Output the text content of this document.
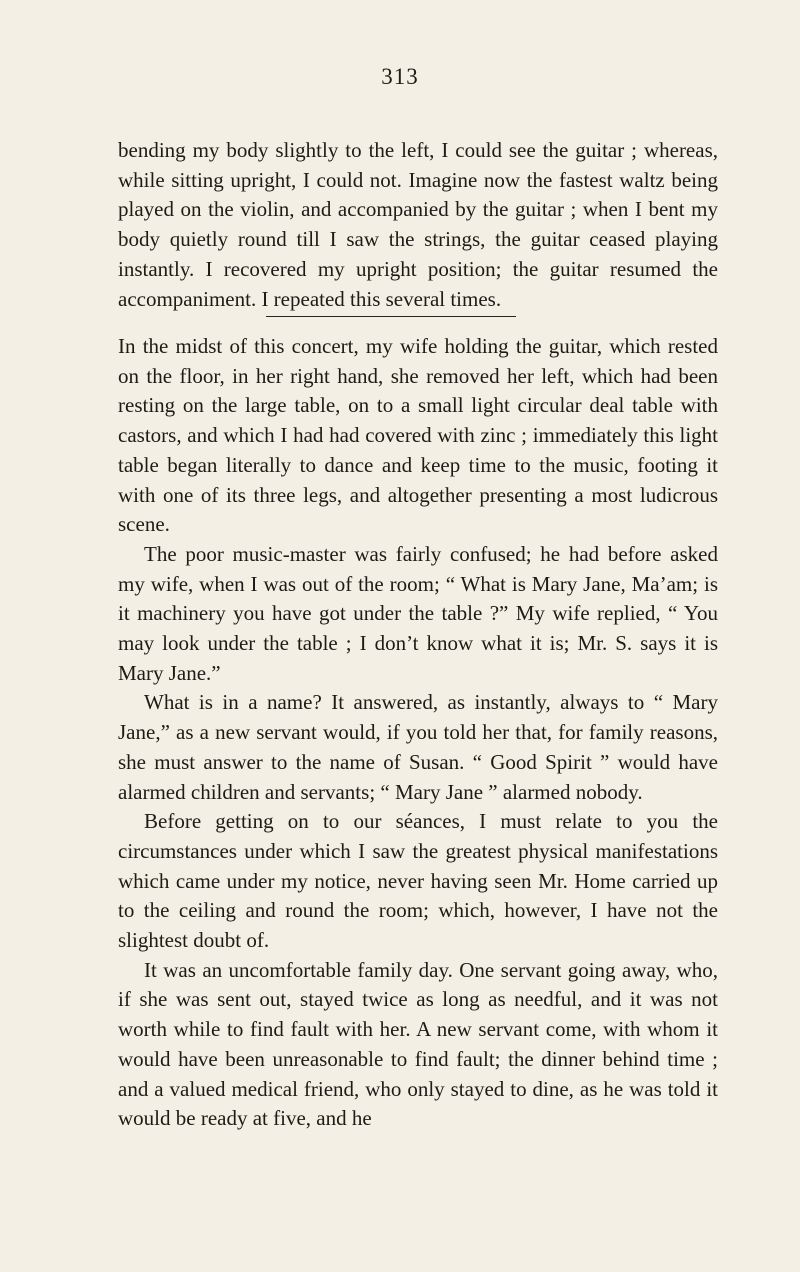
313

bending my body slightly to the left, I could see the guitar ; whereas, while sitting upright, I could not. Imagine now the fastest waltz being played on the violin, and accompanied by the guitar ; when I bent my body quietly round till I saw the strings, the guitar ceased playing instantly. I recovered my upright position; the guitar resumed the accompaniment. I repeated this several times.

In the midst of this concert, my wife holding the guitar, which rested on the floor, in her right hand, she removed her left, which had been resting on the large table, on to a small light circular deal table with castors, and which I had had covered with zinc ; immediately this light table began literally to dance and keep time to the music, footing it with one of its three legs, and altogether presenting a most ludicrous scene.

The poor music-master was fairly confused; he had before asked my wife, when I was out of the room; “ What is Mary Jane, Ma’am; is it machinery you have got under the table ?” My wife replied, “ You may look under the table ; I don’t know what it is; Mr. S. says it is Mary Jane.”

What is in a name? It answered, as instantly, always to “ Mary Jane,” as a new servant would, if you told her that, for family reasons, she must answer to the name of Susan. “ Good Spirit ” would have alarmed children and servants; “ Mary Jane ” alarmed nobody.

Before getting on to our séances, I must relate to you the circumstances under which I saw the greatest physical manifestations which came under my notice, never having seen Mr. Home carried up to the ceiling and round the room; which, however, I have not the slightest doubt of.

It was an uncomfortable family day. One servant going away, who, if she was sent out, stayed twice as long as needful, and it was not worth while to find fault with her. A new servant come, with whom it would have been unreasonable to find fault; the dinner behind time ; and a valued medical friend, who only stayed to dine, as he was told it would be ready at five, and he
